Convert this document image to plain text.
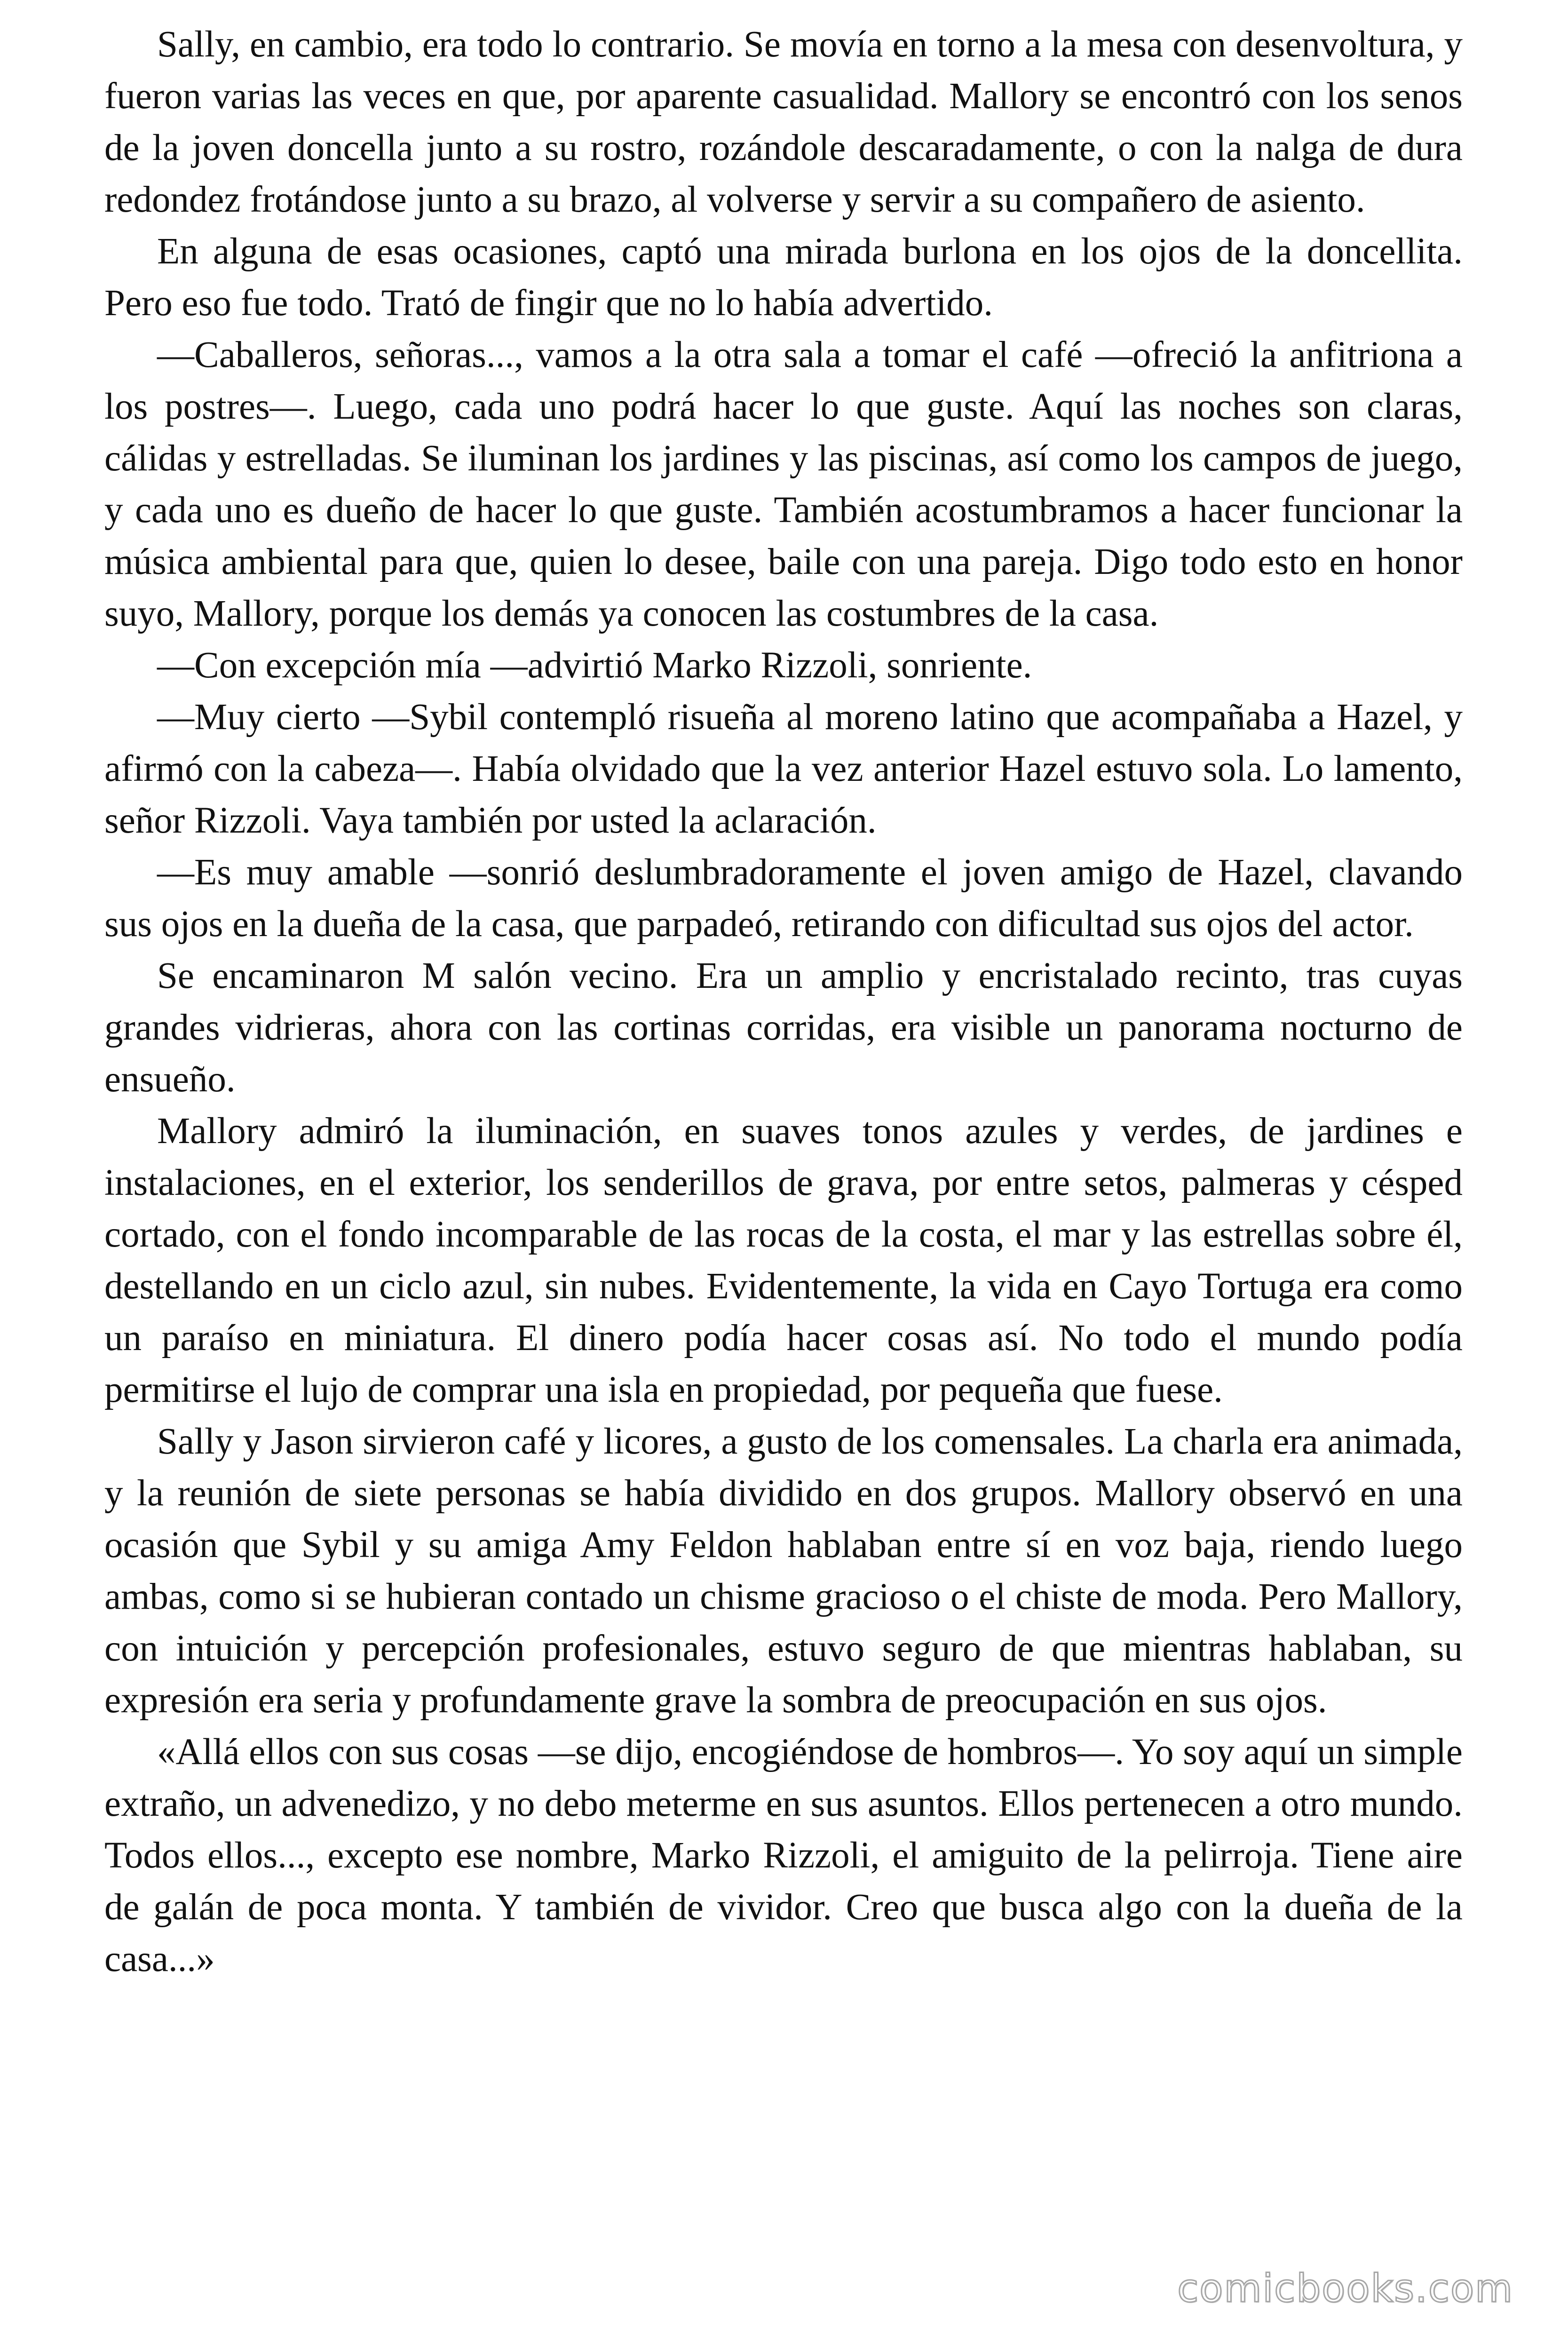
Sally, en cambio, era todo lo contrario. Se movía en torno a la mesa con desenvoltura, y fueron varias las veces en que, por aparente casualidad. Mallory se encontró con los senos de la joven doncella junto a su rostro, rozándole descaradamente, o con la nalga de dura redondez frotándose junto a su brazo, al volverse y servir a su compañero de asiento.

En alguna de esas ocasiones, captó una mirada burlona en los ojos de la doncellita. Pero eso fue todo. Trató de fingir que no lo había advertido.

—Caballeros, señoras..., vamos a la otra sala a tomar el café —ofreció la anfitriona a los postres—. Luego, cada uno podrá hacer lo que guste. Aquí las noches son claras, cálidas y estrelladas. Se iluminan los jardines y las piscinas, así como los campos de juego, y cada uno es dueño de hacer lo que guste. También acostumbramos a hacer funcionar la música ambiental para que, quien lo desee, baile con una pareja. Digo todo esto en honor suyo, Mallory, porque los demás ya conocen las costumbres de la casa.

—Con excepción mía —advirtió Marko Rizzoli, sonriente.

—Muy cierto —Sybil contempló risueña al moreno latino que acompañaba a Hazel, y afirmó con la cabeza—. Había olvidado que la vez anterior Hazel estuvo sola. Lo lamento, señor Rizzoli. Vaya también por usted la aclaración.

—Es muy amable —sonrió deslumbradoramente el joven amigo de Hazel, clavando sus ojos en la dueña de la casa, que parpadeó, retirando con dificultad sus ojos del actor.

Se encaminaron M salón vecino. Era un amplio y encristalado recinto, tras cuyas grandes vidrieras, ahora con las cortinas corridas, era visible un panorama nocturno de ensueño.

Mallory admiró la iluminación, en suaves tonos azules y verdes, de jardines e instalaciones, en el exterior, los senderillos de grava, por entre setos, palmeras y césped cortado, con el fondo incomparable de las rocas de la costa, el mar y las estrellas sobre él, destellando en un ciclo azul, sin nubes. Evidentemente, la vida en Cayo Tortuga era como un paraíso en miniatura. El dinero podía hacer cosas así. No todo el mundo podía permitirse el lujo de comprar una isla en propiedad, por pequeña que fuese.

Sally y Jason sirvieron café y licores, a gusto de los comensales. La charla era animada, y la reunión de siete personas se había dividido en dos grupos. Mallory observó en una ocasión que Sybil y su amiga Amy Feldon hablaban entre sí en voz baja, riendo luego ambas, como si se hubieran contado un chisme gracioso o el chiste de moda. Pero Mallory, con intuición y percepción profesionales, estuvo seguro de que mientras hablaban, su expresión era seria y profundamente grave la sombra de preocupación en sus ojos.

«Allá ellos con sus cosas —se dijo, encogiéndose de hombros—. Yo soy aquí un simple extraño, un advenedizo, y no debo meterme en sus asuntos. Ellos pertenecen a otro mundo. Todos ellos..., excepto ese nombre, Marko Rizzoli, el amiguito de la pelirroja. Tiene aire de galán de poca monta. Y también de vividor. Creo que busca algo con la dueña de la casa...»

comicbooks.com
